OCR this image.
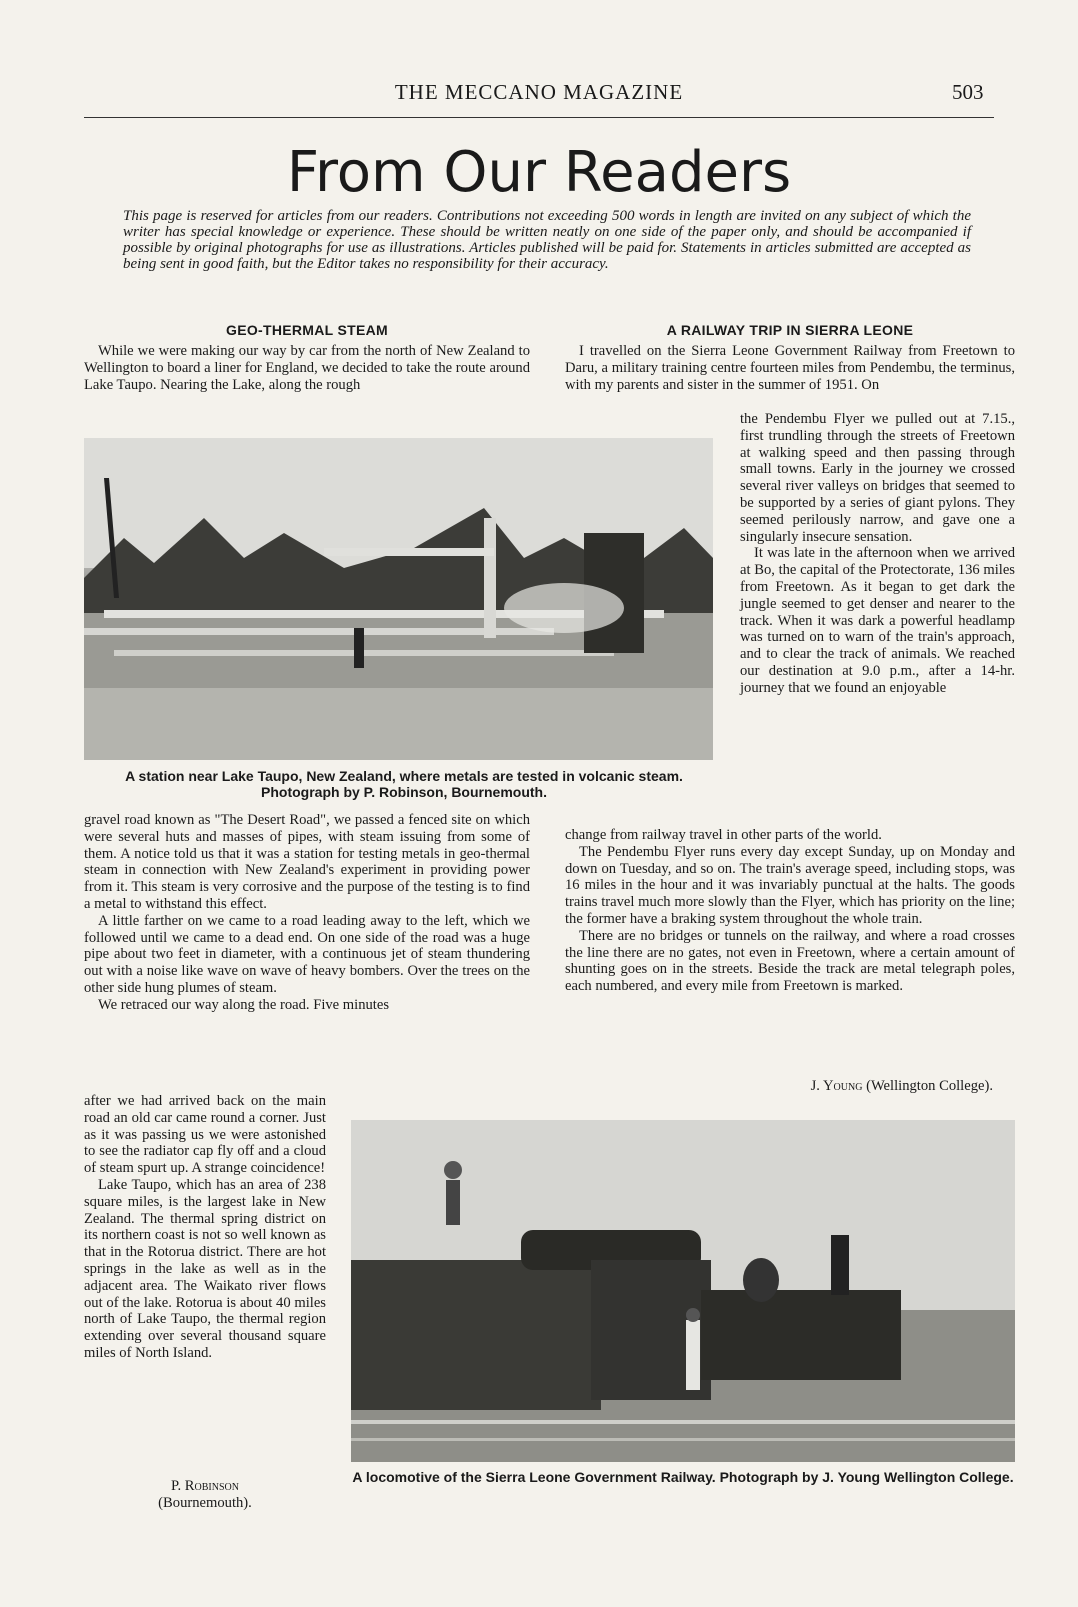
THE MECCANO MAGAZINE	503
From Our Readers
This page is reserved for articles from our readers. Contributions not exceeding 500 words in length are invited on any subject of which the writer has special knowledge or experience. These should be written neatly on one side of the paper only, and should be accompanied if possible by original photographs for use as illustrations. Articles published will be paid for. Statements in articles submitted are accepted as being sent in good faith, but the Editor takes no responsibility for their accuracy.
GEO-THERMAL STEAM

While we were making our way by car from the north of New Zealand to Wellington to board a liner for England, we decided to take the route around Lake Taupo. Nearing the Lake, along the rough

A station near Lake Taupo, New Zealand, where metals are tested in volcanic steam. Photograph by P. Robinson, Bournemouth.

gravel road known as "The Desert Road", we passed a fenced site on which were several huts and masses of pipes, with steam issuing from some of them. A notice told us that it was a station for testing metals in geo-thermal steam in connection with New Zealand's experiment in providing power from it. This steam is very corrosive and the purpose of the testing is to find a metal to withstand this effect.

A little farther on we came to a road leading away to the left, which we followed until we came to a dead end. On one side of the road was a huge pipe about two feet in diameter, with a continuous jet of steam thundering out with a noise like wave on wave of heavy bombers. Over the trees on the other side hung plumes of steam.

We retraced our way along the road. Five minutes

after we had arrived back on the main road an old car came round a corner. Just as it was passing us we were astonished to see the radiator cap fly off and a cloud of steam spurt up. A strange coincidence!

Lake Taupo, which has an area of 238 square miles, is the largest lake in New Zealand. The thermal spring district on its northern coast is not so well known as that in the Rotorua district. There are hot springs in the lake as well as in the adjacent area. The Waikato river flows out of the lake. Rotorua is about 40 miles north of Lake Taupo, the thermal region extending over several thousand square miles of North Island.

P. Robinson
(Bournemouth).
A RAILWAY TRIP IN SIERRA LEONE

I travelled on the Sierra Leone Government Railway from Freetown to Daru, a military training centre fourteen miles from Pendembu, the terminus, with my parents and sister in the summer of 1951. On

the Pendembu Flyer we pulled out at 7.15., first trundling through the streets of Freetown at walking speed and then passing through small towns. Early in the journey we crossed several river valleys on bridges that seemed to be supported by a series of giant pylons. They seemed perilously narrow, and gave one a singularly insecure sensation.

It was late in the afternoon when we arrived at Bo, the capital of the Protectorate, 136 miles from Freetown. As it began to get dark the jungle seemed to get denser and nearer to the track. When it was dark a powerful headlamp was turned on to warn of the train's approach, and to clear the track of animals. We reached our destination at 9.0 p.m., after a 14-hr. journey that we found an enjoyable

change from railway travel in other parts of the world.

The Pendembu Flyer runs every day except Sunday, up on Monday and down on Tuesday, and so on. The train's average speed, including stops, was 16 miles in the hour and it was invariably punctual at the halts. The goods trains travel much more slowly than the Flyer, which has priority on the line; the former have a braking system throughout the whole train.

There are no bridges or tunnels on the railway, and where a road crosses the line there are no gates, not even in Freetown, where a certain amount of shunting goes on in the streets. Beside the track are metal telegraph poles, each numbered, and every mile from Freetown is marked.

J. Young (Wellington College).
A locomotive of the Sierra Leone Government Railway. Photograph by J. Young Wellington College.
